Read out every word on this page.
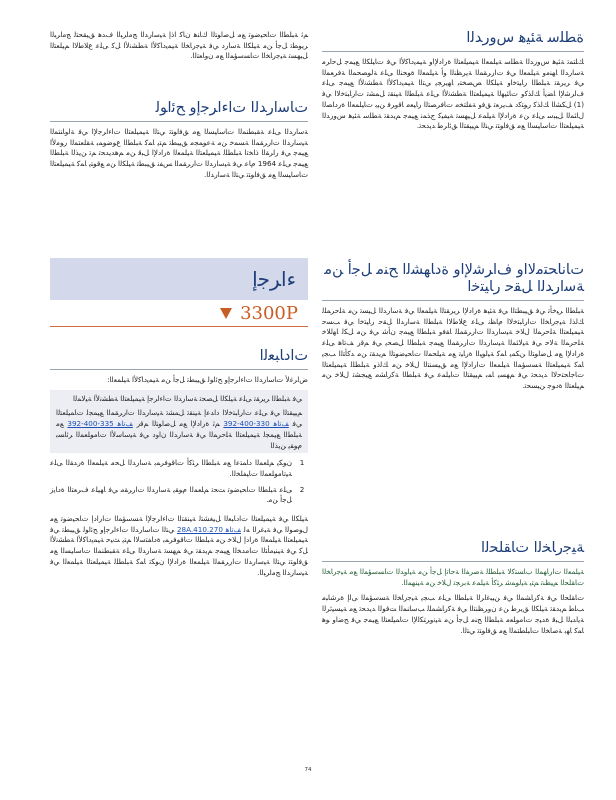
ﺓﻄﻠﺳ ﺔﺌﻴﻫ ﺱﻭﺭﺪﻟﺍ

ﻚﻠﺘﻤﺗ ﺔﺌﻴﻫ ﺱﻭﺭﺪﻟﺍ ﺔﻄﻠﺳ ﺔﻴﻠﻤﻌﻟﺍ ﺔﻴﻤﻴﻠﻌﺘﻟﺍ ﺓﺭﺍﺩﻹﺍﻭ ﺔﻴﻤﻳﺩﺎﻛﻷﺍ ﻲﻓ ﺕﺎﻴﻠﻜﻟﺍ ﻊﻴﻤﺟ ﻞﺣﺍﺮﻣ ﺔﺳﺍﺭﺪﻟﺍ ﺎﻬﻨﻣﻭ ﺔﻴﻠﻤﻌﻟﺍ ﻲﻓ ﺕﺍﺭﺮﻘﻤﻟﺍ ﺔﻳﺮﻈﻨﻟﺍ ﻭﺃ ﺔﻴﻠﻤﻌﻟﺍ ﺓﻮﺤﻨﻟﺍ ﻰﻠﻋ ﺔﻟﻮﺼﺤﻤﻟﺍ ﺔﻓﺮﻌﻤﻟﺍ ﻲﻓ ﺮﻳﺮﻘﺗ ﺔﺒﻠﻄﻟﺍ ﺭﺎﻴﺘﺧﺍﻭ ﺔﻴﻠﻜﻟﺍ ﺺﺼﺨﺘﺑ ﺎﻬﻳﺮﺠﻳ ﻲﺘﻟﺍ ﺔﻴﻤﻳﺩﺎﻛﻷﺍ ﺔﻄﺸﻧﻷﺍ ﻊﻴﻤﺟ ﻰﻠﻋ ﻑﺍﺮﺷﻹﺍ ﺎﻀﻳﺃ ﻚﻟﺬﻛﻭ ﺕﺎﺌﻴﻬﻟﺍ ﺔﻴﻤﻴﻠﻌﺘﻟﺍ ﺔﻄﺸﻧﻷﺍ ﻰﻠﻋ ﺔﺒﻠﻄﻟﺍ ﺔﻴﻨﻘﺗ ﻞﻤﺸﺗ ﺕﺍﺭﺎﺒﺘﺧﻻﺍ ﻲﻓ (1) ﻞﻜﺸﻟﺍ ﻚﻟﺬﻛ ﺭﻮﺘﻛﺩ ﻒﻳﺮﻌﺗ ﻖﻓﻭ ﺔﻔﻠﺘﺨﻣ ﺕﺎﻓﺮﺼﺘﻟﺍ ﺭﺎﻴﻌﻣ ﺎﻗﻭﺮﻓ ﻦﻴﺑ ﺕﺎﻴﻠﻤﻌﻟﺍ ﺓﺭﺩﺎﺼﻟﺍ ﻝﺎﺜﻤﻟﺍ ﻞﻴﺒﺳ ﻰﻠﻋ ﻦﻋ ﺓﺭﺍﺩﻹﺍ ﺔﻴﻠﻤﻋ ﻞﻴﻬﺴﺗ ﺔﻴﻔﻴﻛ ﺝﺬﻤﻧ ﻊﻴﻤﺟ ﻢﻳﺪﻘﺗ ﺔﻄﻠﺳ ﺔﺌﻴﻫ ﺱﻭﺭﺪﻟﺍ ﺔﻴﻤﻴﻠﻌﺘﻟﺍ ﺕﺎﺳﺎﻴﺴﻟﺍ ﻊﻣ ﻖﻓﺍﻮﺘﺗ ﻲﺘﻟﺍ ﻢﻴﻴﻘﺘﻟﺍ ﻖﺋﺍﺮﻃ ﺪﻳﺪﺤﺗ.

ﺕﺎﻧﺎﺤﺘﻣﻻﺍﻭ ﻑﺍﺮﺷﻹﺍﻭ ﺓﺩﺎﻬﺸﻟﺍ ﺢﻨﻣ ﻞﺟﺃ ﻦﻣ ﺔﺳﺍﺭﺪﻟﺍ ﻞﻘﺣ ﺭﺎﻴﺘﺧﺍ

ﺔﺒﻠﻄﻟﺍ ﺮﻴﺧﺄﺗ ﻲﻓ ﻖﻴﺒﻄﺘﻟﺍ ﻲﻓ ﺔﺌﻴﻫ ﺓﺭﺍﺩﻹﺍ ﺮﻳﺮﻘﺘﻟﺍ ﺔﻴﻠﻤﻌﻟﺍ ﻲﻓ ﺔﺳﺍﺭﺪﻟﺍ ﻞﻴﺴﺗ ﻦﻣ ﺔﻠﺣﺮﻤﻠﻟ ﻚﻟﺬﻟ ﺔﻴﺟﺭﺎﺨﻟﺍ ﺕﺍﺭﺎﺒﺘﺧﻻﺍ ﻡﺎﻈﻧ ﻰﻠﻋ ﻉﻼﻃﻻﺍ ﺔﺒﻠﻄﻟﺍ ﺔﺳﺍﺭﺪﻟﺍ ﻞﻘﺣ ﺭﺎﻴﺘﺧﺍ ﻲﻓ ﺐﺴﺣ ﺔﻴﻤﻴﻠﻌﺘﻟﺍ ﺔﻠﺣﺮﻤﻟﺍ ﻝﻼﺧ ﺔﻴﺳﺍﺭﺪﻟﺍ ﺕﺍﺭﺮﻘﻤﻠﻟ ﺎﻘﻓﻭ ﺔﺒﻠﻄﻟﺍ ﻊﻴﻤﺟ ﻥﺄﺷ ﻲﻓ ﻦﻣ ﻞﻜﻟ ﺎﻬﻟﻼﺧ ﺔﻠﺣﺮﻤﻟﺍ ﺔﻟﺎﺣ ﻲﻓ ﺔﻴﻟﺎﺜﻤﻟﺍ ﺔﻴﺳﺍﺭﺪﻟﺍ ﺕﺍﺭﺮﻘﻤﻟﺍ ﻊﻴﻤﺟ ﺔﺒﻠﻄﻟﺍ ﻞﺼﺤﻳ ﻲﻓ ﻢﻗﺭ ﻒﺗﺎﻫ ﻰﻠﻋ ﺓﺭﺍﺩﻹﺍ ﻊﻣ ﻞﺻﺍﻮﺘﻟﺍ ﻦﻜﻤﻳ ﺎﻤﻛ ﺔﻴﻟﻮﻴﻟﺍ ﺓﺭﺎﻴﺗ ﻊﻣ ﺔﻴﻠﺤﻤﻟﺍ ﺕﺎﺤﻴﺿﻮﺘﻟﺍ ﻢﻳﺪﻘﺗ ﻦﻣ ﺪﻛﺄﺘﻟﺍ ﺐﺠﻳ ﺎﻤﻛ ﺔﻴﻤﻴﻠﻌﺘﻟﺍ ﺔﺴﺳﺆﻤﻟﺍ ﺔﻴﻠﻤﻌﻟﺍ ﺕﺍﺭﺍﺩﻹﺍ ﻊﻣ ﻖﻴﺴﻨﺘﻟﺍ ﻝﻼﺧ ﻦﻣ ﻚﻟﺫﻭ ﺔﺒﻠﻄﻠﻟ ﺔﻴﻤﻴﻠﻌﺘﻟﺍ ﺕﺎﺟﺎﺤﺘﺣﻻﺍ ﺪﻳﺪﺤﺗ ﻲﻓ ﻢﻬﺴﻳ ﺎﻤﺑ ﻢﻴﻴﻘﺘﻟﺍ ﺕﺎﻴﻠﻤﻋ ﻲﻓ ﺔﺒﻠﻄﻟﺍ ﺔﻛﺭﺎﺸﻣ ﻊﻴﺠﺸﺗ ﻝﻼﺧ ﻦﻣ ﻢﻴﻠﻌﺘﻟﺍ ﺓﺩﻮﺟ ﻦﻴﺴﺤﺗ.

ﺔﻴﺟﺭﺎﺨﻟﺍ ﺕﺎﻘﻠﺤﻟﺍ

ﺔﻴﻠﻤﻌﻟﺍ ﺕﺍﺭﺎﻬﻤﻟﺍ ﺏﺎﺴﺘﻛﻻ ﺔﺒﻠﻄﻠﻟ ﺔﺻﺮﻔﻟﺍ ﺔﺣﺎﺗﺇ ﻞﺟﺃ ﻦﻣ ﺔﻴﻟﻭﺪﻟﺍ ﺕﺎﺴﺳﺆﻤﻟﺍ ﻊﻣ ﺔﻴﺟﺭﺎﺨﻟﺍ ﺕﺎﻘﻠﺤﻟﺍ ﻢﻴﻈﻨﺗ ﻢﺘﻳ ﺔﻴﻟﻮﻤﺷ ﺮﺜﻛﺃ ﺔﻴﻠﻤﻋ ﺔﺑﺮﺠﺗ ﻝﻼﺧ ﻦﻣ ﺔﻴﻨﻬﻤﻟﺍ.

ﺕﺎﻘﻠﺤﻟﺍ ﻲﻓ ﺔﻛﺭﺎﺸﻤﻟﺍ ﻲﻓ ﻦﻴﺒﻏﺍﺮﻟﺍ ﺔﺒﻠﻄﻟﺍ ﻰﻠﻋ ﺐﺠﻳ ﺔﻴﺟﺭﺎﺨﻟﺍ ﺔﺴﺳﺆﻤﻟﺍ ﻰﻟﺇ ﺓﺮﺷﺎﺒﻣ ﺐﻠﻃ ﻢﻳﺪﻘﺗ ﺔﻴﻠﻜﻟﺍ ﻖﻳﺮﻃ ﻦﻋ ﻥﻭﺮﻈﻨﺘﻟﺍ ﻲﻓ ﺔﻛﺭﺎﺸﻤﻠﻟ ﺐﺳﺎﻨﻤﻟﺍ ﺖﻗﻮﻟﺍ ﺪﻳﺪﺤﺗ ﻊﻣ ﺔﻴﺴﻴﺋﺮﻟﺍ ﺔﻳﺍﺪﺒﻟﺍ ﻞﺒﻗ ﺓﺪﻴﺟ ﺕﺎﻣﻮﻠﻌﻣ ﺔﺒﻠﻄﻟﺍ ﺢﻨﻣ ﻞﺟﺃ ﻦﻣ ﺔﻴﻧﻭﺮﺘﻜﻟﻹﺍ ﺕﺎﻤﻴﻠﻌﺘﻟﺍ ﻊﻴﻤﺟ ﻲﻓ ﺢﺿﺍﻭ ﻮﻫ ﺎﻤﻛ ﺎﻬﺑ ﺔﺻﺎﺨﻟﺍ ﺕﺎﺒﻠﻄﺘﻤﻟﺍ ﻊﻣ ﻖﻓﺍﻮﺘﺗ ﻲﺘﻟﺍ.

ﻢﺛ ﺔﺒﻠﻄﻟﺍ ﺕﺎﺤﻴﺿﻮﺗ ﻊﻣ ﻞﺻﺍﻮﺘﻟﺍ ﻙﺎﻨﻫ ﻥﺎﻛ ﺍﺫﺇ ﺔﻴﺳﺍﺭﺪﻟﺍ ﺞﻣﺍﺮﺒﻟﺍ ﻑﺪﻫ ﻖﻴﻘﺤﺘﻟ ﺞﻣﺍﺮﺒﻟﺍ ﺮﻳﻮﻄﺗ ﻞﺟﺃ ﻦﻣ ﺔﻴﻠﻜﻟﺍ ﺔﺳﺍﺭﺩ ﻲﻓ ﺔﻴﺟﺭﺎﺨﻟﺍ ﺔﻴﻤﻳﺩﺎﻛﻷﺍ ﺔﻄﺸﻧﻷﺍ ﻞﻛ ﻰﻠﻋ ﻉﻼﻃﻻﺍ ﻢﻴﻠﻌﺘﻟﺍ ﻞﻴﻬﺴﺗ ﺔﻴﺟﺭﺎﺨﻟﺍ ﺕﺎﺴﺳﺆﻤﻟﺍ ﻊﻣ ﻥﻭﺎﻌﺘﻟﺍ.

ﺕﺎﺳﺍﺭﺪﻟﺍ ﺕﺍﺀﺍﺮﺟﺇﻭ ﺢﺋﺍﻮﻟ

ﺔﺳﺍﺭﺪﻟﺍ ﻰﻠﻋ ﺔﻘﺒﻄﻨﻤﻟﺍ ﺕﺎﺳﺎﻴﺴﻟﺍ ﻊﻣ ﻖﻓﺍﻮﺘﺗ ﻲﺘﻟﺍ ﺔﻴﻤﻴﻠﻌﺘﻟﺍ ﺕﺍﺀﺍﺮﺟﻹﺍ ﻲﻓ ﺔﻟﻭﺎﻨﺘﻤﻟﺍ ﺔﻴﺳﺍﺭﺪﻟﺍ ﺕﺍﺭﺮﻘﻤﻟﺍ ﺔﺴﻤﺧ ﻦﻣ ﺔﻋﻮﻤﺠﻣ ﻖﻴﺒﻄﺗ ﻢﺘﻳ ﺎﻤﻛ ﺔﺒﻠﻄﻟﺍ ﻉﻮﺿﻮﻤﺑ ﺔﻘﻠﻌﺘﻤﻟﺍ ﺭﻮﻣﻷﺍ ﻊﻴﻤﺟ ﻲﻓ ﺭﺍﺮﻘﻟﺍ ﺫﺎﺨﺗﺍ ﺔﺒﻠﻄﻠﻟ ﺔﻴﻤﻴﻠﻌﺘﻟﺍ ﺔﻴﻠﻤﻌﻟﺍ ﺓﺭﺍﺩﻹﺍ ﻞﺒﻗ ﻦﻣ ﻢﻫﺪﻳﺪﺤﺗ ﻢﺗ ﻦﻳﺬﻟﺍ ﺔﺒﻠﻄﻟﺍ ﻊﻴﻤﺟ ﻰﻠﻋ 1964 ﻡﺎﻋ ﻲﻓ ﺔﻴﺳﺍﺭﺪﻟﺍ ﺕﺍﺭﺮﻘﻤﻟﺍ ﺲﻔﻧ ﻖﻴﺒﻄﺗ ﺔﻴﻠﻜﻟﺍ ﻦﻣ ﻊﻗﻮﺘﻳ ﺎﻤﻛ ﺔﻴﻤﻴﻠﻌﺘﻟﺍ ﺕﺎﺳﺎﻴﺴﻟﺍ ﻊﻣ ﻖﻓﺍﻮﺘﺗ ﻲﺘﻟﺍ ﺔﺳﺍﺭﺪﻟﺍ.

ﺀﺍﺮﺟﺇ
3300P
ﺕﺍﺩﺎﺒﻌﻟﺍ

ﺽﺍﺮﻏﻷ ﺕﺎﺳﺍﺭﺪﻟﺍ ﺕﺍﺀﺍﺮﺟﺇﻭ ﺢﺋﺍﻮﻟ ﻖﻴﺒﻄﺗ ﻞﺟﺃ ﻦﻣ ﺔﻴﻤﻳﺩﺎﻛﻷﺍ ﺔﻴﻠﻤﻌﻟﺍ:

ﻲﻓ ﺔﺒﻠﻄﻟﺍ ﺮﻳﺮﻘﺗ ﻰﻠﻋ ﺔﻴﻠﻜﻟﺍ ﻞﺼﺤﺗ ﺔﺳﺍﺭﺪﻟﺍ ﺕﺍﺀﺍﺮﺟﺇ ﺔﻴﻤﻴﻠﻌﺘﻟﺍ ﺔﻄﺸﻧﻷﺍ ﺔﻴﻟﺎﻤﻟﺍ

ﻢﻴﻴﻘﺘﻟﺍ ﻲﻓ ﻰﻠﻋ ﺕﺍﺭﺎﺒﺘﺧﻻﺍ ﺩﺍﺪﻋﺇ ﺔﻴﻨﻘﺗ ﻞﻤﺸﺗ ﺔﻴﺳﺍﺭﺪﻟﺍ ﺕﺍﺭﺮﻘﻤﻟﺍ ﻊﻴﻤﺠﻟ ﺕﺎﻤﻴﻠﻌﺘﻟﺍ ﻲﻓ ﻒﺗﺎﻫ 330-400-392 ﻢﺛ ﺓﺭﺍﺩﻹﺍ ﻊﻣ ﻞﺻﺍﻮﺘﻟﺍ ﻢﻗﺭ ﻒﺗﺎﻫ 335-400-392 ﻊﻣ ﺔﺒﻠﻄﻟﺍ ﻊﻴﻤﺠﻟ ﺔﻴﻤﻴﻠﻌﺘﻟﺍ ﺔﻠﺣﺮﻤﻟﺍ ﻲﻓ ﺔﺳﺍﺭﺪﻟﺍ ﻥﺍﻭﺩ ﻲﻓ ﺔﻴﺳﺎﺳﻷﺍ ﺕﺎﻣﻮﻠﻌﻤﻟﺍ ﺮﺋﺎﺴﺑ ﻡﻮﻘﻳ ﻦﻳﺬﻟﺍ

1
ﻥﻮﻜﻳ ﻢﻠﻌﻤﻟﺍ ﺩﺎﻤﺘﻋﺍ ﻊﻣ ﺔﺒﻠﻄﻟﺍ ﺮﺜﻛﺃ ﺕﺎﻗﻮﻓﺮﻤﺑ ﺔﺳﺍﺭﺪﻟﺍ ﻞﺤﻣ ﺔﻴﻠﻤﻌﻟﺍ ﺓﺭﺪﻘﻟﺍ ﻰﻠﻋ ﺔﻴﺗﺎﻣﻮﻠﻌﻤﻟﺍ ﺕﺎﻴﻔﻠﺨﻟﺍ.
2
ﻰﻠﻋ ﺔﺒﻠﻄﻟﺍ ﺕﺎﺤﻴﺿﻮﺗ ﺖﺤﺗ ﻢﻠﻌﻤﻟﺍ ﻡﻮﻘﻳ ﺔﺳﺍﺭﺪﻟﺍ ﺕﺍﺭﺮﻘﻣ ﻲﻓ ﺎﻬﻴﻠﻋ ﻑﺮﻌﺘﻟﺍ ﺓﺩﺎﻳﺯ ﻞﺟﺃ ﻦﻣ.

ﺔﻴﻠﻜﻟﺍ ﻲﻓ ﺔﻴﻤﻴﻠﻌﺘﻟﺍ ﺕﺍﺩﺎﺒﻌﻟﺍ ﻞﻴﻐﺸﺘﻟ ﺔﻴﻨﻘﺘﻟﺍ ﺕﺍﺀﺍﺮﺟﻹﺍ ﺔﺴﺳﺆﻤﻟﺍ ﺕﺍﺭﺍﺩﺇ ﺕﺎﺤﻴﺿﻮﺗ ﻊﻣ ﻝﻮﺻﻮﻟﺍ ﻲﻓ ﺔﺒﻏﺮﻟﺍ ﻪﻟ ﻒﺗﺎﻫ 28A.410.270 ﻲﺘﻟﺍ ﺕﺎﺳﺍﺭﺪﻟﺍ ﺕﺍﺀﺍﺮﺟﺇﻭ ﺢﺋﺍﻮﻟ ﻖﻴﺒﻄﺗ ﻲﻓ ﺔﻴﻤﻴﻠﻌﺘﻟﺍ ﺔﻴﻠﻤﻌﻟﺍ ﺓﺭﺍﺩﺇ ﻝﻼﺧ ﻦﻣ ﺔﺒﻠﻄﻟﺍ ﺕﺎﻗﻮﻓﺮﻤﺑ ﺓﺩﺎﻔﺘﺳﻻﺍ ﻢﺘﻳ ﺚﻴﺣ ﺔﻴﻤﻳﺩﺎﻛﻷﺍ ﺔﻄﺸﻧﻷﺍ ﻞﻛ ﻲﻓ ﺔﻴﻨﻴﻣﺄﺘﻟﺍ ﺕﺎﻣﺪﺨﻟﺍ ﻊﻴﻤﺟ ﻢﻳﺪﻘﺗ ﻲﻓ ﻢﻬﺴﺗ ﺔﺳﺍﺭﺪﻟﺍ ﻰﻠﻋ ﺔﻘﺒﻄﻨﻤﻟﺍ ﺕﺎﺳﺎﻴﺴﻟﺍ ﻊﻣ ﻖﻓﺍﻮﺘﺗ ﻲﺘﻟﺍ ﺔﻴﺳﺍﺭﺪﻟﺍ ﺕﺍﺭﺮﻘﻤﻟﺍ ﺔﻴﻠﻤﻌﻟﺍ ﺓﺭﺍﺩﻹﺍ ﻥﻮﻜﺗ ﺎﻤﻛ ﺔﺒﻠﻄﻠﻟ ﺔﻴﻤﻴﻠﻌﺘﻟﺍ ﺔﻴﻠﻤﻌﻟﺍ ﻲﻓ ﺔﻴﺳﺍﺭﺪﻟﺍ ﺞﻣﺍﺮﺒﻟﺍ.

74
